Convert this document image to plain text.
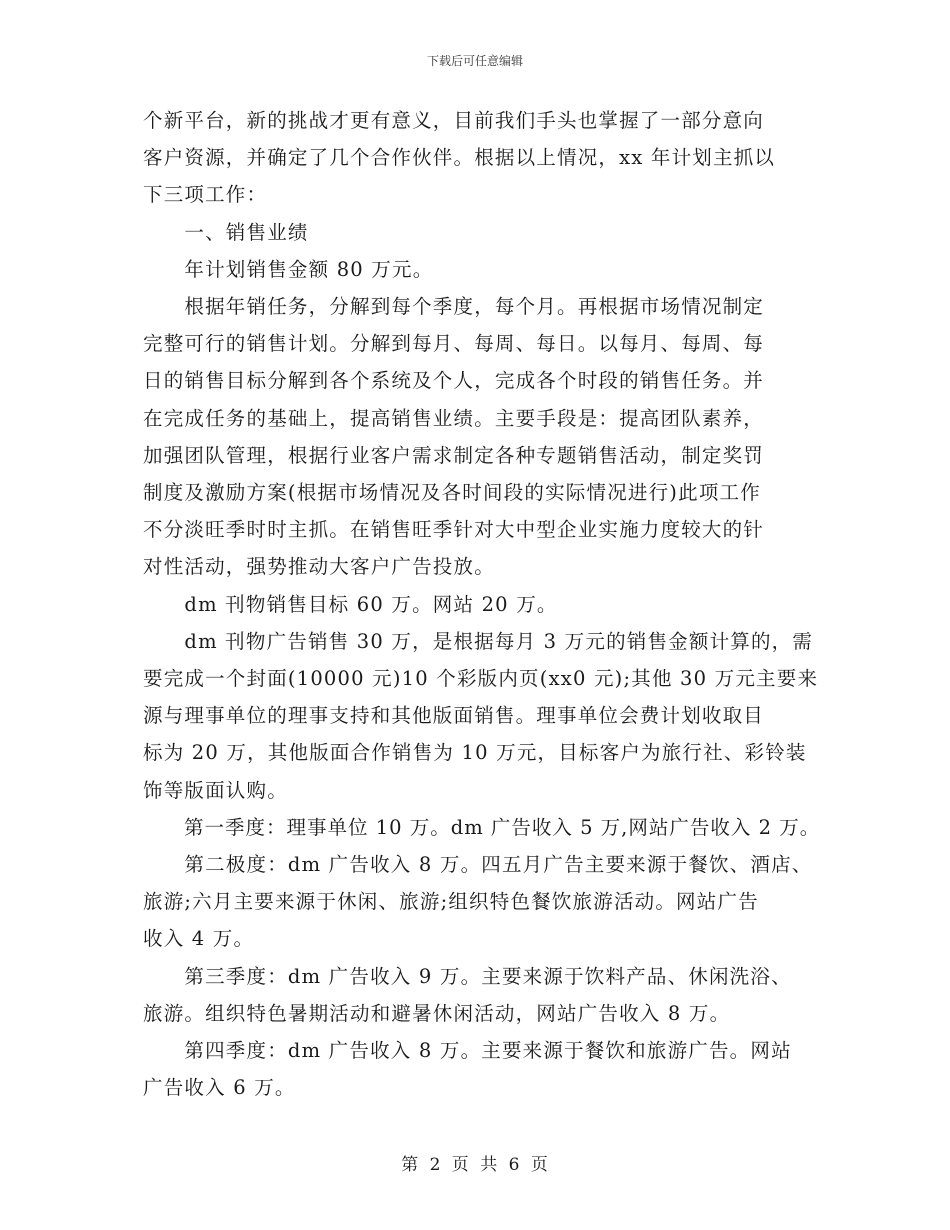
下载后可任意编辑

个新平台，新的挑战才更有意义，目前我们手头也掌握了一部分意向

客户资源，并确定了几个合作伙伴。根据以上情况，xx 年计划主抓以

下三项工作：

　　一、销售业绩

　　年计划销售金额 80 万元。

　　根据年销任务，分解到每个季度，每个月。再根据市场情况制定

完整可行的销售计划。分解到每月、每周、每日。以每月、每周、每

日的销售目标分解到各个系统及个人，完成各个时段的销售任务。并

在完成任务的基础上，提高销售业绩。主要手段是：提高团队素养，

加强团队管理，根据行业客户需求制定各种专题销售活动，制定奖罚

制度及激励方案(根据市场情况及各时间段的实际情况进行)此项工作

不分淡旺季时时主抓。在销售旺季针对大中型企业实施力度较大的针

对性活动，强势推动大客户广告投放。

　　dm 刊物销售目标 60 万。网站 20 万。

　　dm 刊物广告销售 30 万，是根据每月 3 万元的销售金额计算的，需

要完成一个封面(10000 元)10 个彩版内页(xx0 元);其他 30 万元主要来

源与理事单位的理事支持和其他版面销售。理事单位会费计划收取目

标为 20 万，其他版面合作销售为 10 万元，目标客户为旅行社、彩铃装

饰等版面认购。

　　第一季度：理事单位 10 万。dm 广告收入 5 万,网站广告收入 2 万。

　　第二极度：dm 广告收入 8 万。四五月广告主要来源于餐饮、酒店、

旅游;六月主要来源于休闲、旅游;组织特色餐饮旅游活动。网站广告

收入 4 万。

　　第三季度：dm 广告收入 9 万。主要来源于饮料产品、休闲洗浴、

旅游。组织特色暑期活动和避暑休闲活动，网站广告收入 8 万。

　　第四季度：dm 广告收入 8 万。主要来源于餐饮和旅游广告。网站

广告收入 6 万。

第 2 页 共 6 页
